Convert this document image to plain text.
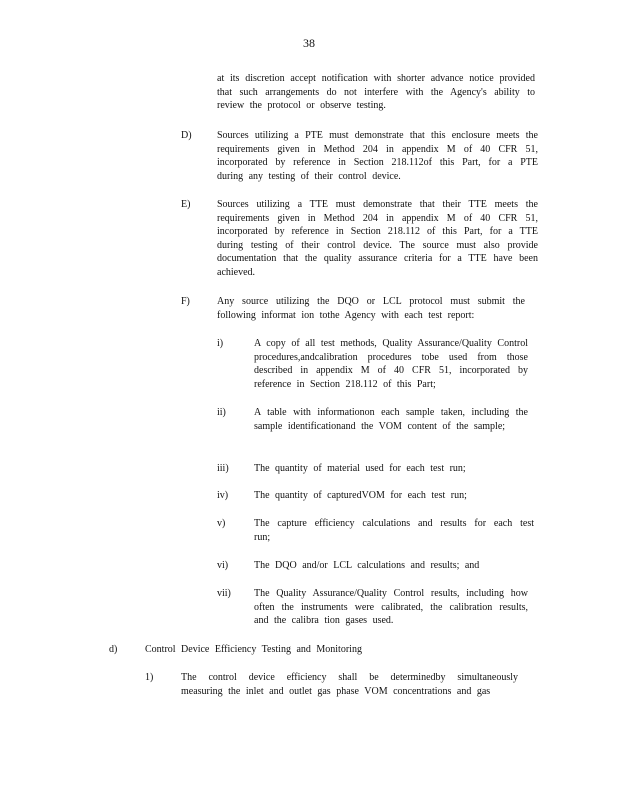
38
at its discretion accept notification with shorter advance notice provided that such arrangements do not interfere with the Agency's ability to review the protocol or observe testing.
D)	Sources utilizing a PTE must demonstrate that this enclosure meets the requirements given in Method 204 in appendix M of 40 CFR 51, incorporated by reference in Section 218.112of this Part, for a PTE during any testing of their control device.
E)	Sources utilizing a TTE must demonstrate that their TTE meets the requirements given in Method 204 in appendix M of 40 CFR 51, incorporated by reference in Section 218.112 of this Part, for a TTE during testing of their control device. The source must also provide documentation that the quality assurance criteria for a TTE have been achieved.
F)	Any source utilizing the DQO or LCL protocol must submit the following informat ion tothe Agency with each test report:
i)	A copy of all test methods, Quality Assurance/Quality Control procedures,andcalibration procedures tobe used from those described in appendix M of 40 CFR 51, incorporated by reference in Section 218.112 of this Part;
ii)	A table with informationon each sample taken, including the sample identificationand the VOM content of the sample;
iii)	The quantity of material used for each test run;
iv)	The quantity of capturedVOM for each test run;
v)	The capture efficiency calculations and results for each test run;
vi)	The DQO and/or LCL calculations and results; and
vii) The Quality Assurance/Quality Control results, including how often the instruments were calibrated, the calibration results, and the calibra tion gases used.
d)	Control Device Efficiency Testing and Monitoring
1)	The control device efficiency shall be determinedby simultaneously measuring the inlet and outlet gas phase VOM concentrations and gas
